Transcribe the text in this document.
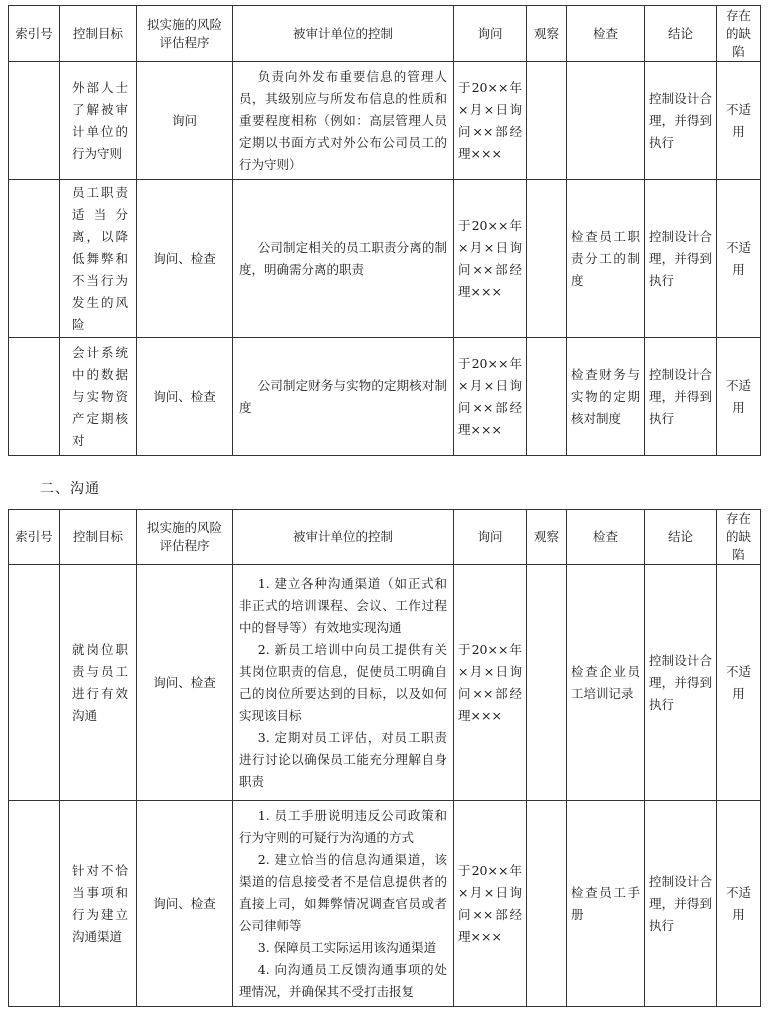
索引号	控制目标	拟实施的风险评估程序	被审计单位的控制	询问	观察	检查	结论	存在的缺陷
	外部人士了解被审计单位的行为守则	询问	负责向外发布重要信息的管理人员，其级别应与所发布信息的性质和重要程度相称（例如：高层管理人员定期以书面方式对外公布公司员工的行为守则）	于20××年×月×日询问××部经理×××			控制设计合理，并得到执行	不适用
	员工职责适当分离，以降低舞弊和不当行为发生的风险	询问、检查	公司制定相关的员工职责分离的制度，明确需分离的职责	于20××年×月×日询问××部经理×××		检查员工职责分工的制度	控制设计合理，并得到执行	不适用
	会计系统中的数据与实物资产定期核对	询问、检查	公司制定财务与实物的定期核对制度	于20××年×月×日询问××部经理×××		检查财务与实物的定期核对制度	控制设计合理，并得到执行	不适用
二、沟通
索引号	控制目标	拟实施的风险评估程序	被审计单位的控制	询问	观察	检查	结论	存在的缺陷
	就岗位职责与员工进行有效沟通	询问、检查	1. 建立各种沟通渠道（如正式和非正式的培训课程、会议、工作过程中的督导等）有效地实现沟通
2. 新员工培训中向员工提供有关其岗位职责的信息，促使员工明确自己的岗位所要达到的目标，以及如何实现该目标
3. 定期对员工评估，对员工职责进行讨论以确保员工能充分理解自身职责	于20××年×月×日询问××部经理×××		检查企业员工培训记录	控制设计合理，并得到执行	不适用
	针对不恰当事项和行为建立沟通渠道	询问、检查	1. 员工手册说明违反公司政策和行为守则的可疑行为沟通的方式
2. 建立恰当的信息沟通渠道，该渠道的信息接受者不是信息提供者的直接上司，如舞弊情况调查官员或者公司律师等
3. 保障员工实际运用该沟通渠道
4. 向沟通员工反馈沟通事项的处理情况，并确保其不受打击报复	于20××年×月×日询问××部经理×××		检查员工手册	控制设计合理，并得到执行	不适用
